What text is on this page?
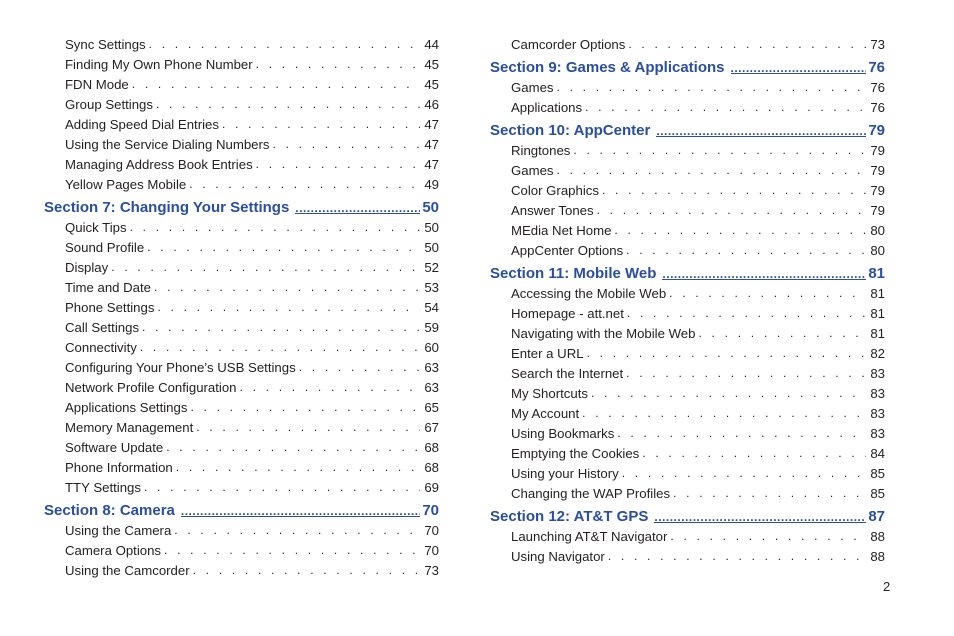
Sync Settings . . .	44
Finding My Own Phone Number . . .	45
FDN Mode . . .	45
Group Settings . . .	46
Adding Speed Dial Entries . . .	47
Using the Service Dialing Numbers . . .	47
Managing Address Book Entries . . .	47
Yellow Pages Mobile . . .	49
Section 7: Changing Your Settings .....	50
Quick Tips . . .	50
Sound Profile . . .	50
Display . . .	52
Time and Date . . .	53
Phone Settings . . .	54
Call Settings . . .	59
Connectivity . . .	60
Configuring Your Phone’s USB Settings . . .	63
Network Profile Configuration . . .	63
Applications Settings . . .	65
Memory Management . . .	67
Software Update . . .	68
Phone Information . . .	68
TTY Settings . . .	69
Section 8: Camera .....	70
Using the Camera . . .	70
Camera Options . . .	70
Using the Camcorder . . .	73
Camcorder Options . . .	73
Section 9: Games & Applications .....	76
Games . . .	76
Applications . . .	76
Section 10: AppCenter .....	79
Ringtones . . .	79
Games . . .	79
Color Graphics . . .	79
Answer Tones . . .	79
MEdia Net Home . . .	80
AppCenter Options . . .	80
Section 11: Mobile Web .....	81
Accessing the Mobile Web . . .	81
Homepage - att.net . . .	81
Navigating with the Mobile Web . . .	81
Enter a URL . . .	82
Search the Internet . . .	83
My Shortcuts . . .	83
My Account . . .	83
Using Bookmarks . . .	83
Emptying the Cookies . . .	84
Using your History . . .	85
Changing the WAP Profiles . . .	85
Section 12: AT&T GPS .....	87
Launching AT&T Navigator . . .	88
Using Navigator . . .	88
2
